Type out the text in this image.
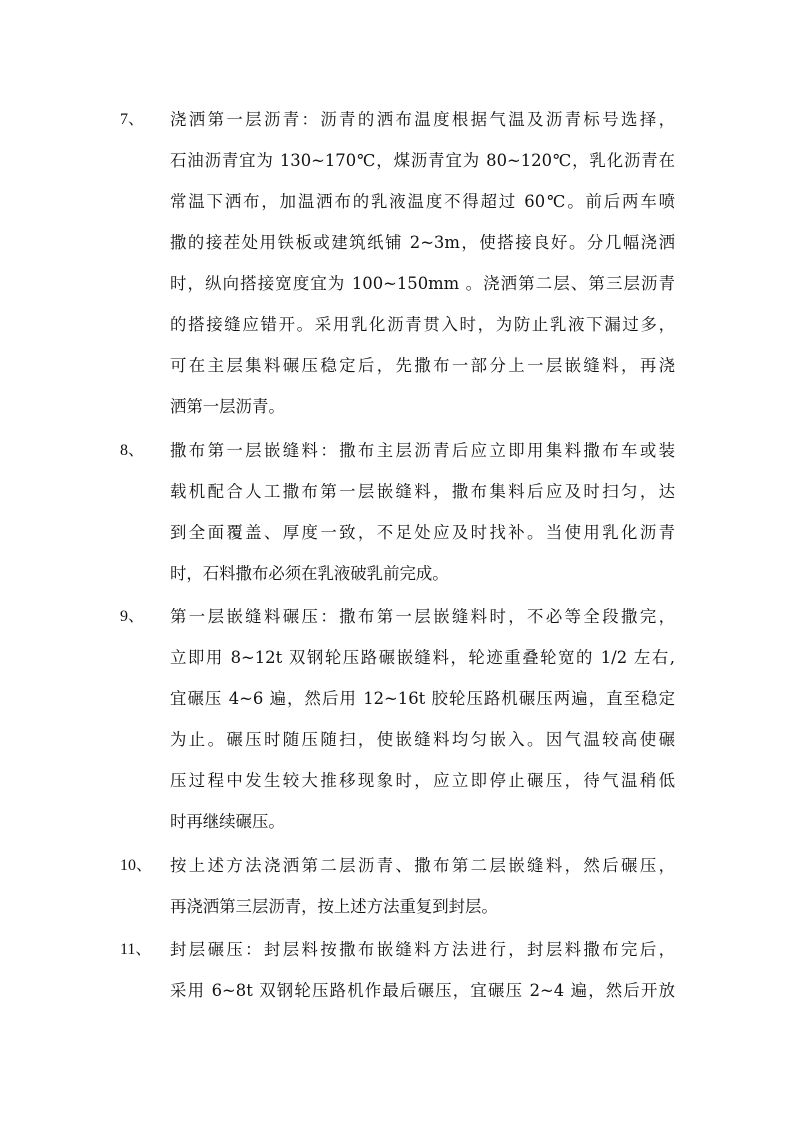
7、 浇洒第一层沥青：沥青的洒布温度根据气温及沥青标号选择，
石油沥青宜为 130~170℃，煤沥青宜为 80~120℃，乳化沥青在
常温下洒布，加温洒布的乳液温度不得超过 60℃。前后两车喷
撒的接茬处用铁板或建筑纸铺 2~3m，使搭接良好。分几幅浇洒
时，纵向搭接宽度宜为 100~150mm 。浇洒第二层、第三层沥青
的搭接缝应错开。采用乳化沥青贯入时，为防止乳液下漏过多，
可在主层集料碾压稳定后，先撒布一部分上一层嵌缝料，再浇
洒第一层沥青。
8、 撒布第一层嵌缝料：撒布主层沥青后应立即用集料撒布车或装
载机配合人工撒布第一层嵌缝料，撒布集料后应及时扫匀，达
到全面覆盖、厚度一致，不足处应及时找补。当使用乳化沥青
时，石料撒布必须在乳液破乳前完成。
9、 第一层嵌缝料碾压：撒布第一层嵌缝料时，不必等全段撒完，
立即用 8~12t 双钢轮压路碾嵌缝料，轮迹重叠轮宽的 1/2 左右,
宜碾压 4~6 遍，然后用 12~16t 胶轮压路机碾压两遍，直至稳定
为止。碾压时随压随扫，使嵌缝料均匀嵌入。因气温较高使碾
压过程中发生较大推移现象时，应立即停止碾压，待气温稍低
时再继续碾压。
10、 按上述方法浇洒第二层沥青、撒布第二层嵌缝料，然后碾压，
再浇洒第三层沥青，按上述方法重复到封层。
11、 封层碾压：封层料按撒布嵌缝料方法进行，封层料撒布完后，
采用 6~8t 双钢轮压路机作最后碾压，宜碾压 2~4 遍，然后开放
